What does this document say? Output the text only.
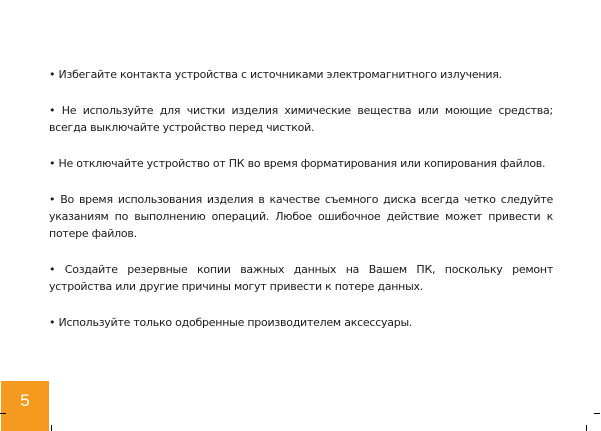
• Избегайте контакта устройства с источниками электромагнитного излучения.

• Не используйте для чистки изделия химические вещества или моющие средства; всегда выключайте устройство перед чисткой.

• Не отключайте устройство от ПК во время форматирования или копирования файлов.

• Во время использования изделия в качестве съемного диска всегда четко следуйте указаниям по выполнению операций. Любое ошибочное действие может привести к потере файлов.

• Создайте резервные копии важных данных на Вашем ПК, поскольку ремонт устройства или другие причины могут привести к потере данных.

• Используйте только одобренные производителем аксессуары.

5
